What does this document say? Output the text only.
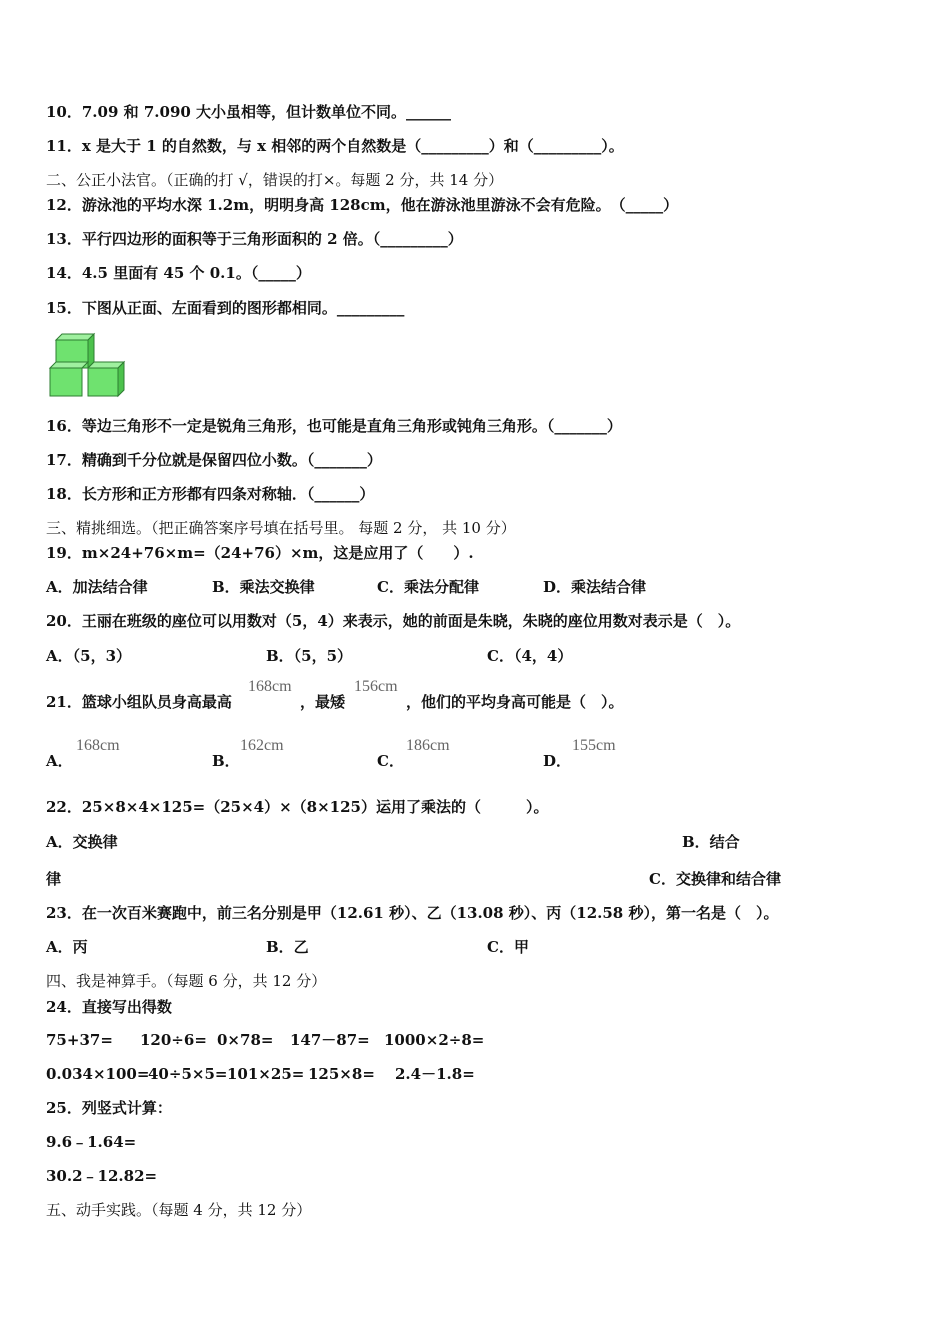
10．7.09 和 7.090 大小虽相等，但计数单位不同。______
11．x 是大于 1 的自然数，与 x 相邻的两个自然数是（_________）和（_________）。
二、公正小法官。（正确的打 √，错误的打×。每题 2 分，共 14 分）
12．游泳池的平均水深 1.2m，明明身高 128cm，他在游泳池里游泳不会有危险。　（_____）
13．平行四边形的面积等于三角形面积的 2 倍。（_________）
14．4.5 里面有 45 个 0.1。（_____）
15．下图从正面、左面看到的图形都相同。_________
16．等边三角形不一定是锐角三角形，也可能是直角三角形或钝角三角形。（_______）
17．精确到千分位就是保留四位小数。（_______）
18．长方形和正方形都有四条对称轴．（______）
三、精挑细选。（把正确答案序号填在括号里。 每题 2 分， 共 10 分）
19．m×24+76×m=（24+76）×m，这是应用了（　　）.
A．加法结合律	B．乘法交换律	C．乘法分配律	D．乘法结合律
20．王丽在班级的座位可以用数对（5，4）来表示，她的前面是朱晓，朱晓的座位用数对表示是（　）。
A．（5，3）	B．（5，5）	C．（4，4）
21．篮球小组队员身高最高
168cm
，最矮
156cm
，他们的平均身高可能是（　）。
A．
168cm
B．
162cm
C．
186cm
D．
155cm
22．25×8×4×125=（25×4）×（8×125）运用了乘法的（　　　）。
A．交换律	B．结合
律	C．交换律和结合律
23．在一次百米赛跑中，前三名分别是甲（12.61 秒）、乙（13.08 秒）、丙（12.58 秒），第一名是（　）。
A．丙	B．乙	C．甲
四、我是神算手。（每题 6 分，共 12 分）
24．直接写出得数
75+37= 120÷6= 0×78= 147－87= 1000×2÷8=
0.034×100=
40÷5×5= 101×25= 125×8= 2.4－1.8=
25．列竖式计算：
9.6﹣1.64=
30.2﹣12.82=
五、动手实践。（每题 4 分，共 12 分）
